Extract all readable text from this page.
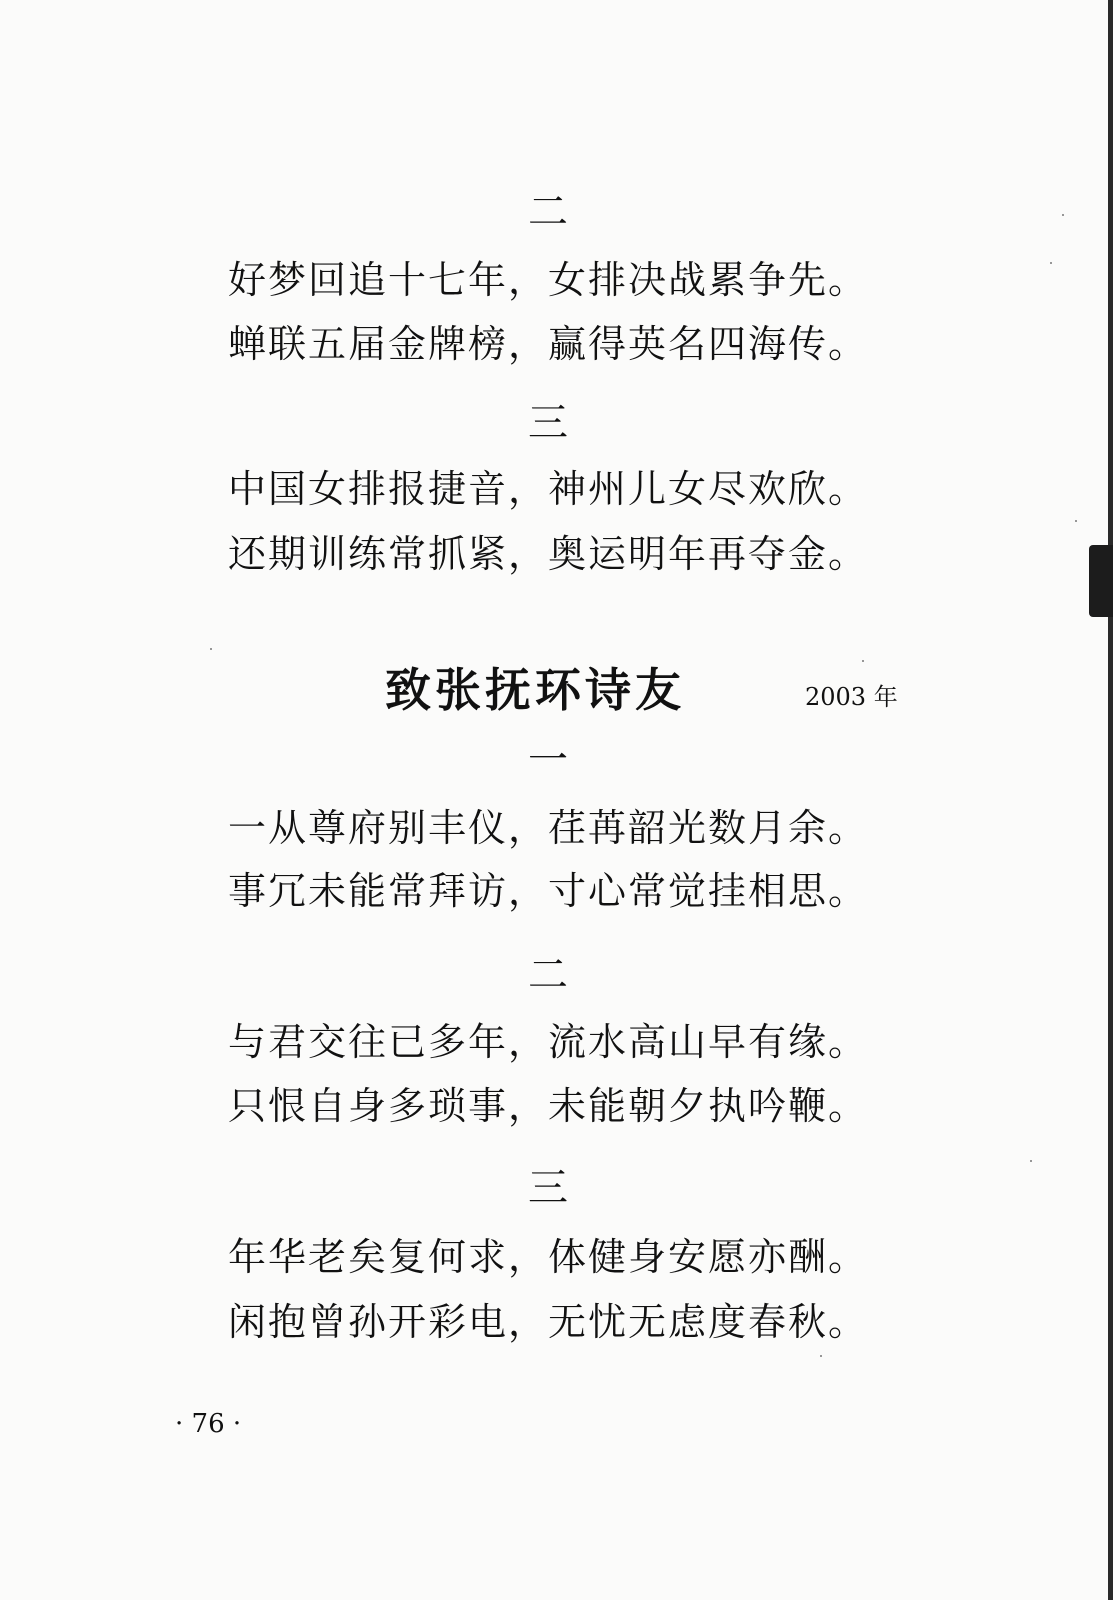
二
好梦回追十七年，女排决战累争先。
蝉联五届金牌榜，赢得英名四海传。
三
中国女排报捷音，神州儿女尽欢欣。
还期训练常抓紧，奥运明年再夺金。
致张抚环诗友	2003 年
一
一从尊府别丰仪，荏苒韶光数月余。
事冗未能常拜访，寸心常觉挂相思。
二
与君交往已多年，流水高山早有缘。
只恨自身多琐事，未能朝夕执吟鞭。
三
年华老矣复何求，体健身安愿亦酬。
闲抱曾孙开彩电，无忧无虑度春秋。
· 76 ·
